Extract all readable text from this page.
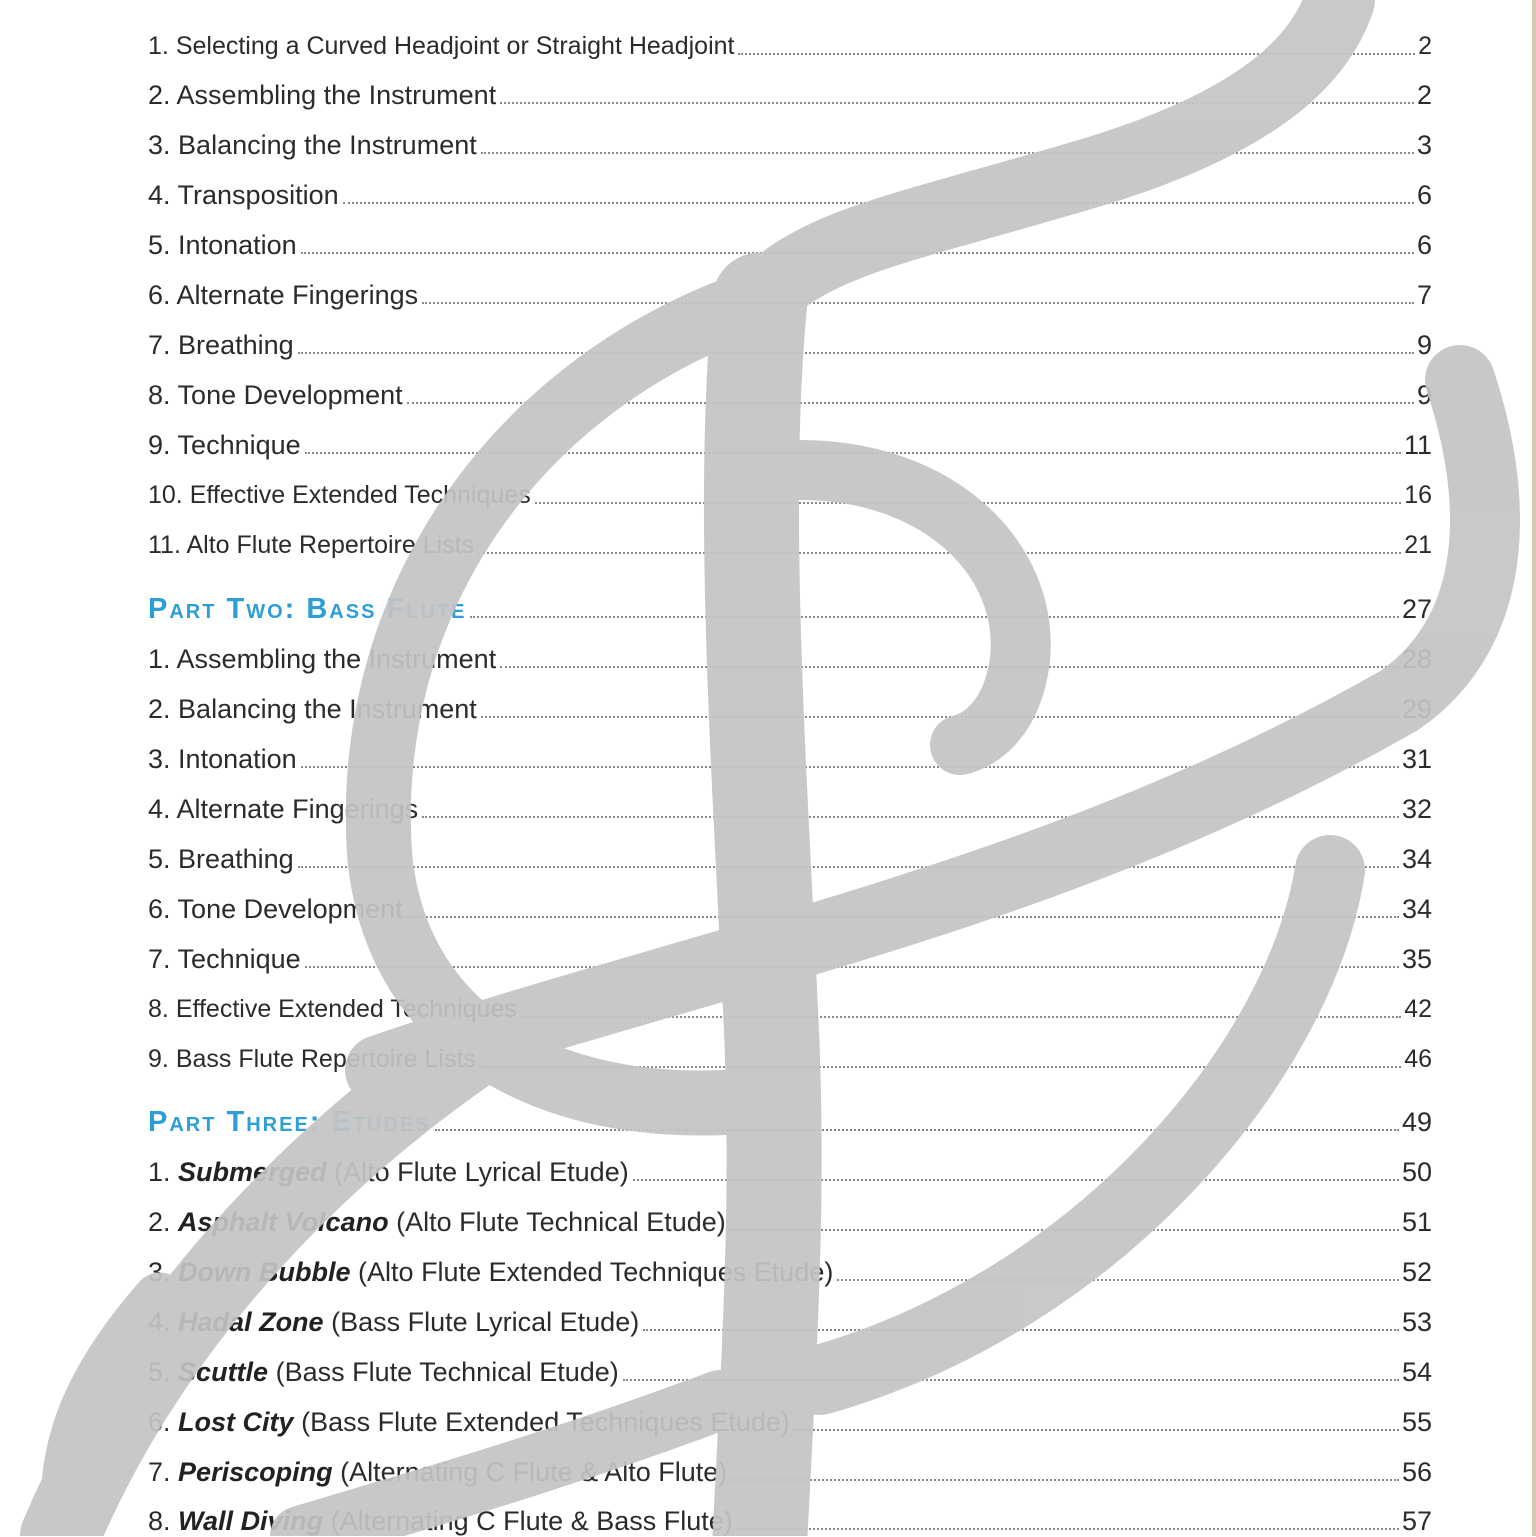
1. Selecting a Curved Headjoint or Straight Headjoint	2
2. Assembling the Instrument	2
3. Balancing the Instrument	3
4. Transposition	6
5. Intonation	6
6. Alternate Fingerings	7
7. Breathing	9
8. Tone Development	9
9. Technique	11
10. Effective Extended Techniques	16
11. Alto Flute Repertoire Lists	21
Part Two: Bass Flute	27
1. Assembling the Instrument	28
2. Balancing the Instrument	29
3. Intonation	31
4. Alternate Fingerings	32
5. Breathing	34
6. Tone Development	34
7. Technique	35
8. Effective Extended Techniques	42
9. Bass Flute Repertoire Lists	46
Part Three: Etudes	49
1. Submerged (Alto Flute Lyrical Etude)	50
2. Asphalt Volcano (Alto Flute Technical Etude)	51
3. Down Bubble (Alto Flute Extended Techniques Etude)	52
4. Hadal Zone (Bass Flute Lyrical Etude)	53
5. Scuttle (Bass Flute Technical Etude)	54
6. Lost City (Bass Flute Extended Techniques Etude)	55
7. Periscoping (Alternating C Flute & Alto Flute)	56
8. Wall Diving (Alternating C Flute & Bass Flute)	57
